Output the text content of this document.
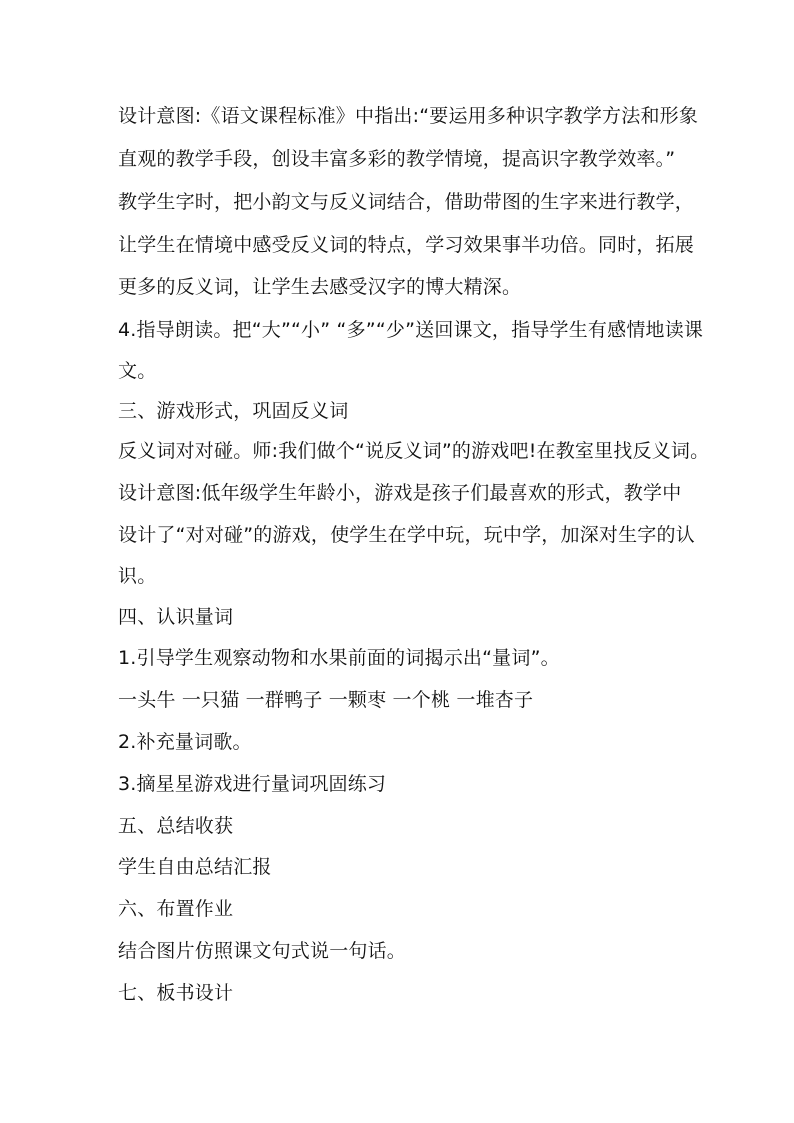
设计意图:《语文课程标准》中指出:“要运用多种识字教学方法和形象
直观的教学手段，创设丰富多彩的教学情境，提高识字教学效率。”
教学生字时，把小韵文与反义词结合，借助带图的生字来进行教学，
让学生在情境中感受反义词的特点，学习效果事半功倍。同时，拓展
更多的反义词，让学生去感受汉字的博大精深。
4.指导朗读。把“大”“小” “多”“少”送回课文，指导学生有感情地读课
文。
三、游戏形式，巩固反义词
反义词对对碰。师:我们做个“说反义词”的游戏吧!在教室里找反义词。
设计意图:低年级学生年龄小，游戏是孩子们最喜欢的形式，教学中
设计了“对对碰”的游戏，使学生在学中玩，玩中学，加深对生字的认
识。
四、认识量词
1.引导学生观察动物和水果前面的词揭示出“量词”。
一头牛 一只猫 一群鸭子 一颗枣 一个桃 一堆杏子
2.补充量词歌。
3.摘星星游戏进行量词巩固练习
五、总结收获
学生自由总结汇报
六、布置作业
结合图片仿照课文句式说一句话。
七、板书设计
